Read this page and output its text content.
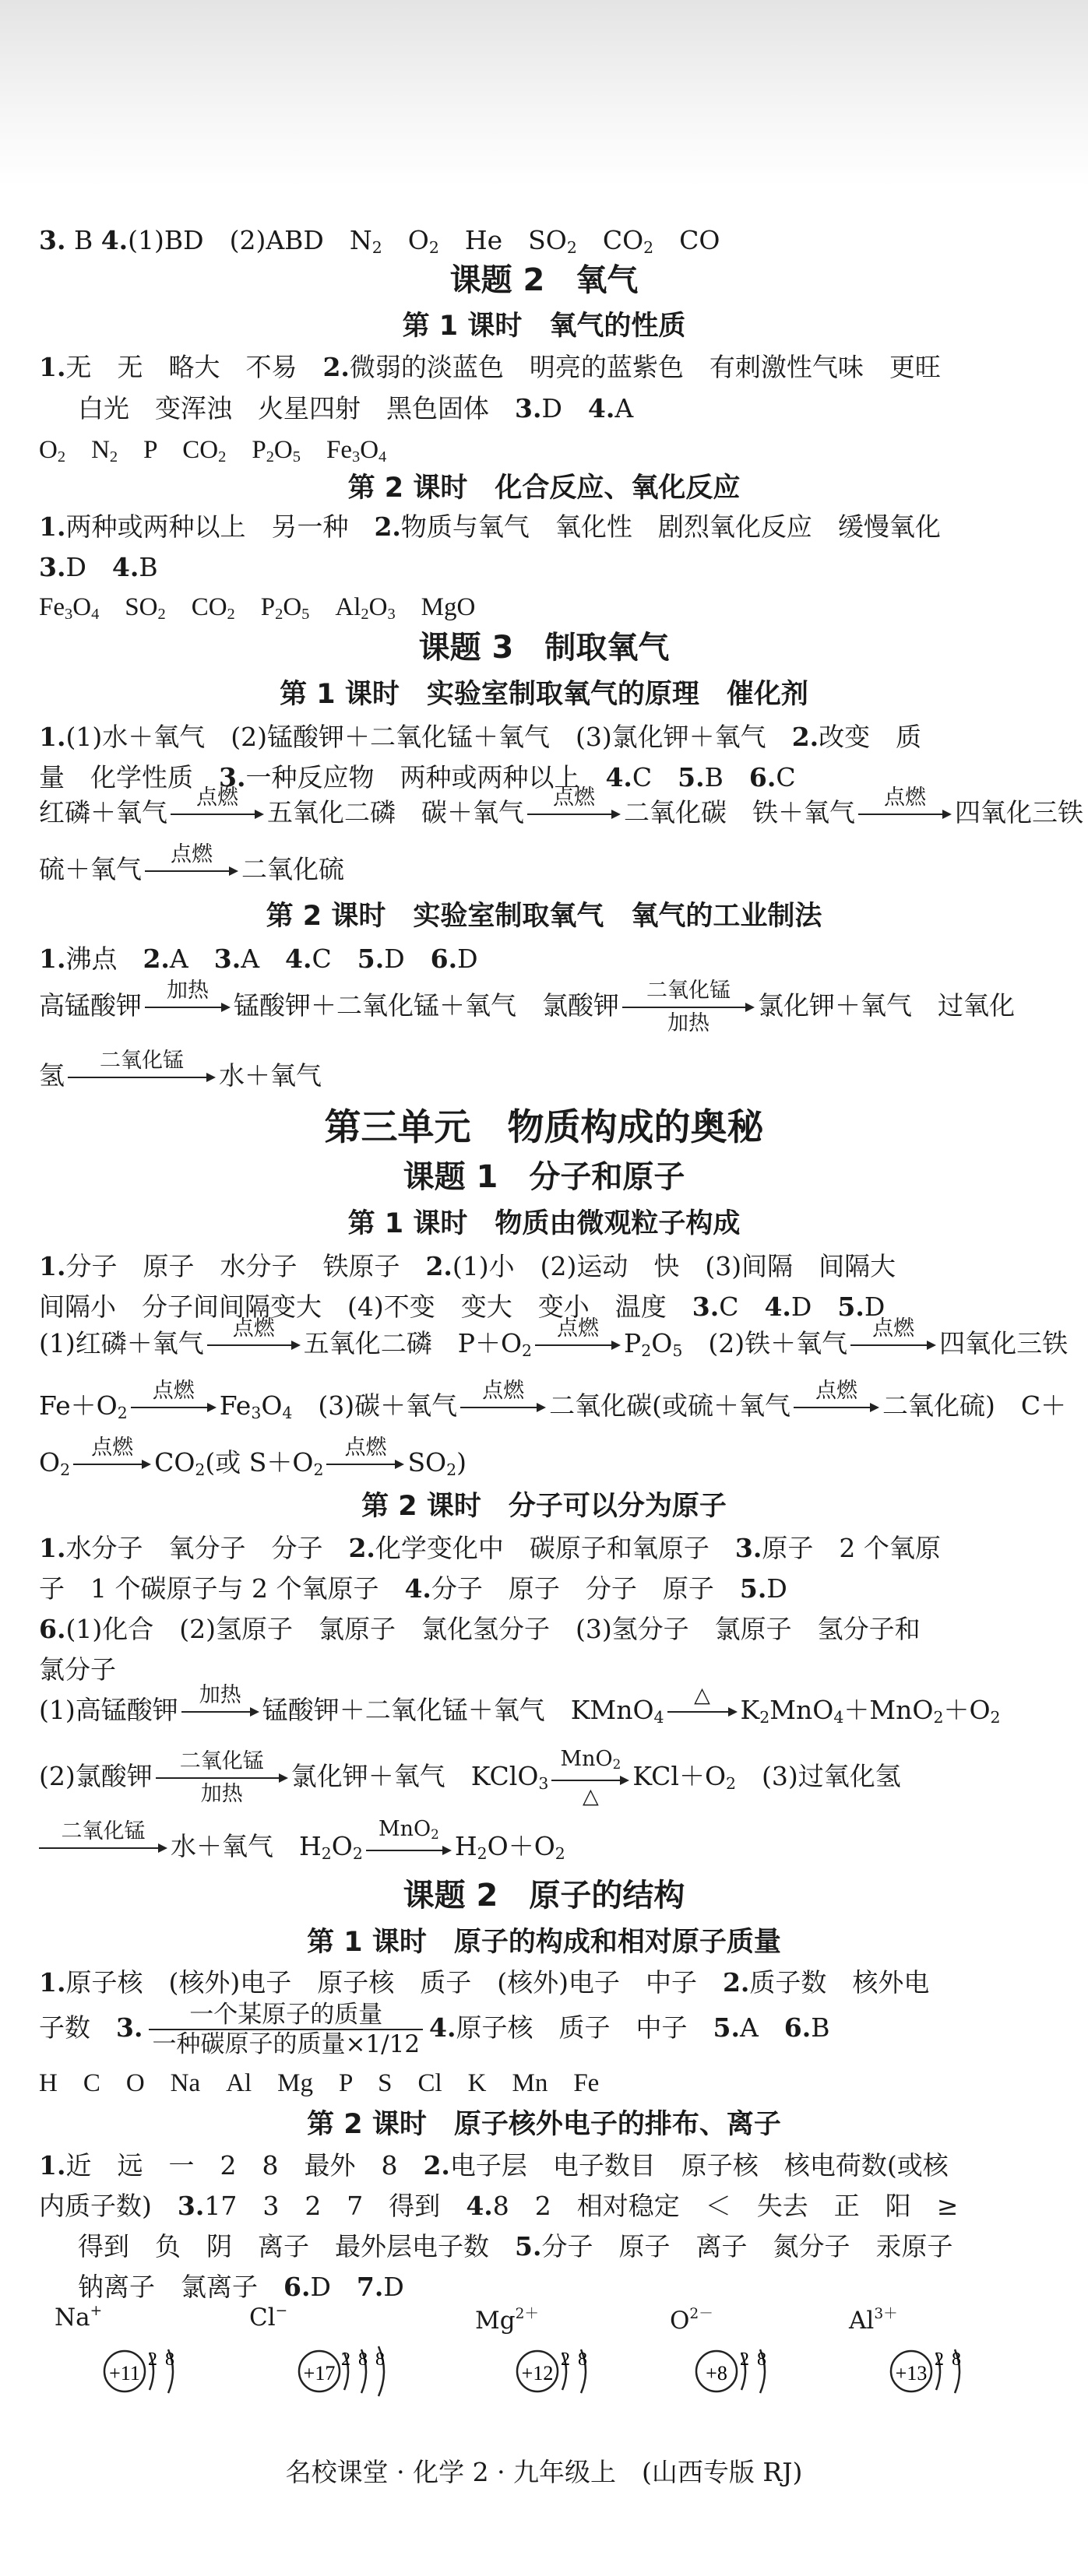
3. B 4.(1)BD　(2)ABD　$N_2$　$O_2$　He　$SO_2$　$CO_2$　CO
课题 2　氧气
第 1 课时　氧气的性质
1.无　无　略大　不易　2.微弱的淡蓝色　明亮的蓝紫色　有刺激性气味　更旺
白光　变浑浊　火星四射　黑色固体　3.D　4.A
$O_2$　$N_2$　P　$CO_2$　$P_2O_5$　$Fe_3O_4$
第 2 课时　化合反应、氧化反应
1.两种或两种以上　另一种　2.物质与氧气　氧化性　剧烈氧化反应　缓慢氧化
3.D　4.B
$Fe_3O_4$　$SO_2$　$CO_2$　$P_2O_5$　$Al_2O_3$　MgO
课题 3　制取氧气
第 1 课时　实验室制取氧气的原理　催化剂
1.(1)水＋氧气　(2)锰酸钾＋二氧化锰＋氧气　(3)氯化钾＋氧气　2.改变　质
量　化学性质　3.一种反应物　两种或两种以上　4.C　5.B　6.C
红磷＋氧气	点燃	五氧化二磷　碳＋氧气	点燃	二氧化碳　铁＋氧气	点燃	四氧化三铁
硫＋氧气	点燃	二氧化硫
第 2 课时　实验室制取氧气　氧气的工业制法
1.沸点　2.A　3.A　4.C　5.D　6.D
高锰酸钾	加热 锰酸钾＋二氧化锰＋氧气　氯酸钾	二氧化锰
加热
氯化钾＋氧气　过氧化
氢	二氧化锰	水＋氧气
第三单元　物质构成的奥秘
课题 1　分子和原子
第 1 课时　物质由微观粒子构成
1.分子　原子　水分子　铁原子　2.(1)小　(2)运动　快　(3)间隔　间隔大
间隔小　分子间间隔变大　(4)不变　变大　变小　温度　3.C　4.D　5.D
(1)红磷＋氧气	点燃	五氧化二磷　$P+O_2$
点燃 $P_2O_5$　(2)铁＋氧气	点燃 四氧化三铁
$Fe+O_2$
点燃 $Fe_3O_4$　(3)碳＋氧气	点燃 二氧化碳(或硫＋氧气	点燃 二氧化硫)　C＋
$O_2$
点燃 $CO_2$(或 $S+O_2$
点燃 $SO_2$)
第 2 课时　分子可以分为原子
1.水分子　氧分子　分子　2.化学变化中　碳原子和氧原子　3.原子　2 个氧原
子　1 个碳原子与 2 个氧原子　4.分子　原子　分子　原子　5.D
6.(1)化合　(2)氢原子　氯原子　氯化氢分子　(3)氢分子　氯原子　氢分子和
氯分子
(1)高锰酸钾	加热 锰酸钾＋二氧化锰＋氧气　KMnO$_4$
△	$K_2MnO_4+MnO_2+O_2$
(2)氯酸钾	二氧化锰
加热
氯化钾＋氧气　KClO$_3$
MnO$_2$
△
$KCl+O_2$　(3)过氧化氢
二氧化锰 水＋氧气　$H_2O_2$
MnO$_2$ $H_2O+O_2$
课题 2　原子的结构
第 1 课时　原子的构成和相对原子质量
1.原子核　(核外)电子　原子核　质子　(核外)电子　中子　2.质子数　核外电
子数　3. $\frac{\text{一个某原子的质量}}{\text{一种碳原子的质量×1/12}} 4$.原子核　质子　中子　5.A　6.B
H　C　O　Na　Al　Mg　P　S　Cl　K　Mn　Fe
第 2 课时　原子核外电子的排布、离子
1.近　远　一　2　8　最外　8　2.电子层　电子数目　原子核　核电荷数(或核
内质子数)　3.17　3　2　7　得到　4.8　2　相对稳定　＜　失去　正　阳　≥
得到　负　阴　离子　最外层电子数　5.分子　原子　离子　氮分子　汞原子
钠离子　氯离子　6.D　7.D
Na+
+11
2 8
Cl−
+17
2 8 8
$Mg^{2+}$
+12
2 8
$O^{2-}$
+8
2 8
$Al^{3+}$
+13
2 8
名校课堂 · 化学 2 · 九年级上　(山西专版 RJ)
